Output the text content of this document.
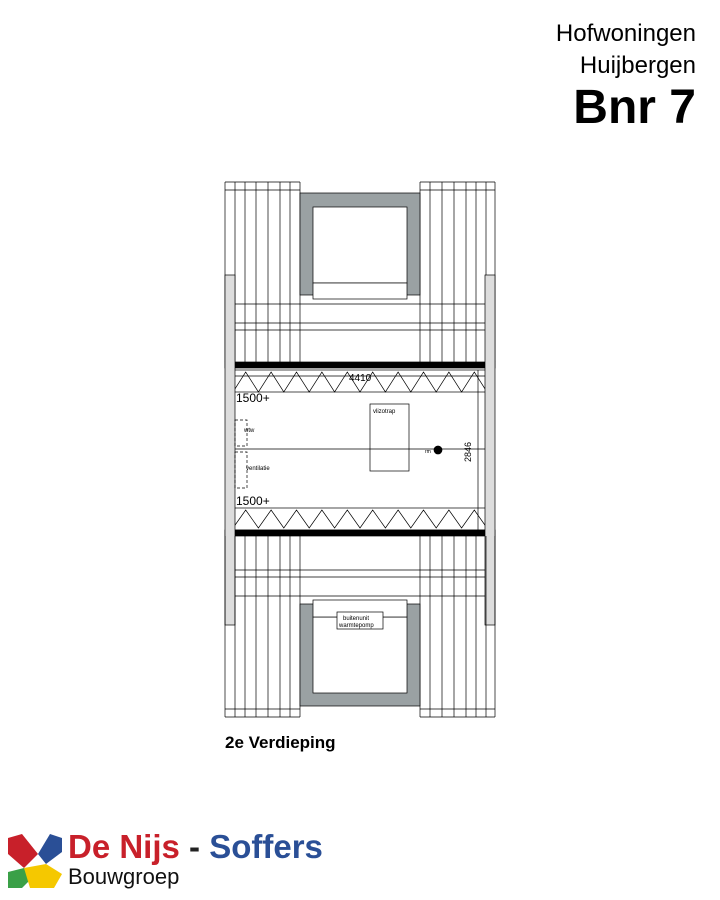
Hofwoningen
Huijbergen
Bnr 7
4410
1500+
1500+
vlizotrap
wtw
ventilatie
rm	2846
buitenunit
warmtepomp
2e Verdieping
De Nijs - Soffers
Bouwgroep
